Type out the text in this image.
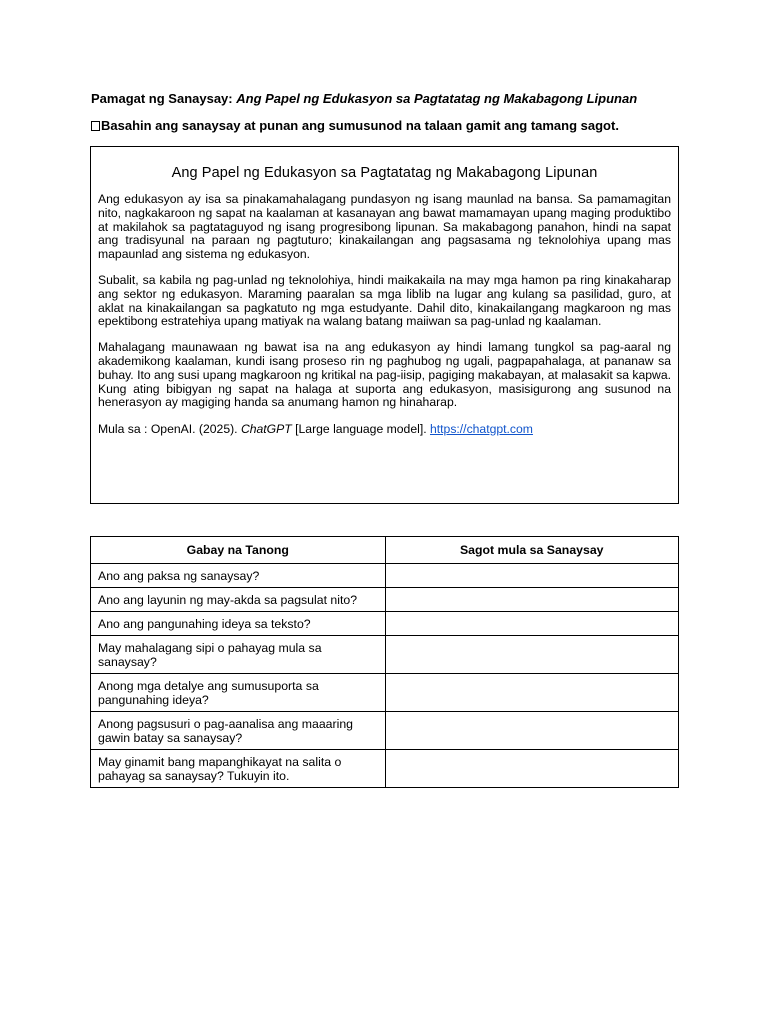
Pamagat ng Sanaysay: Ang Papel ng Edukasyon sa Pagtatatag ng Makabagong Lipunan
Basahin ang sanaysay at punan ang sumusunod na talaan gamit ang tamang sagot.
Ang Papel ng Edukasyon sa Pagtatatag ng Makabagong Lipunan

Ang edukasyon ay isa sa pinakamahalagang pundasyon ng isang maunlad na bansa. Sa pamamagitan nito, nagkakaroon ng sapat na kaalaman at kasanayan ang bawat mamamayan upang maging produktibo at makilahok sa pagtataguyod ng isang progresibong lipunan. Sa makabagong panahon, hindi na sapat ang tradisyunal na paraan ng pagtuturo; kinakailangan ang pagsasama ng teknolohiya upang mas mapaunlad ang sistema ng edukasyon.

Subalit, sa kabila ng pag-unlad ng teknolohiya, hindi maikakaila na may mga hamon pa ring kinakaharap ang sektor ng edukasyon. Maraming paaralan sa mga liblib na lugar ang kulang sa pasilidad, guro, at aklat na kinakailangan sa pagkatuto ng mga estudyante. Dahil dito, kinakailangang magkaroon ng mas epektibong estratehiya upang matiyak na walang batang maiiwan sa pag-unlad ng kaalaman.

Mahalagang maunawaan ng bawat isa na ang edukasyon ay hindi lamang tungkol sa pag-aaral ng akademikong kaalaman, kundi isang proseso rin ng paghubog ng ugali, pagpapahalaga, at pananaw sa buhay. Ito ang susi upang magkaroon ng kritikal na pag-iisip, pagiging makabayan, at malasakit sa kapwa. Kung ating bibigyan ng sapat na halaga at suporta ang edukasyon, masisigurong ang susunod na henerasyon ay magiging handa sa anumang hamon ng hinaharap.

Mula sa : OpenAI. (2025). ChatGPT [Large language model]. https://chatgpt.com

Gabay na Tanong	Sagot mula sa Sanaysay
Ano ang paksa ng sanaysay?	
Ano ang layunin ng may-akda sa pagsulat nito?	
Ano ang pangunahing ideya sa teksto?	
May mahalagang sipi o pahayag mula sa sanaysay?	
Anong mga detalye ang sumusuporta sa pangunahing ideya?	
Anong pagsusuri o pag-aanalisa ang maaaring gawin batay sa sanaysay?	
May ginamit bang mapanghikayat na salita o pahayag sa sanaysay? Tukuyin ito.	
